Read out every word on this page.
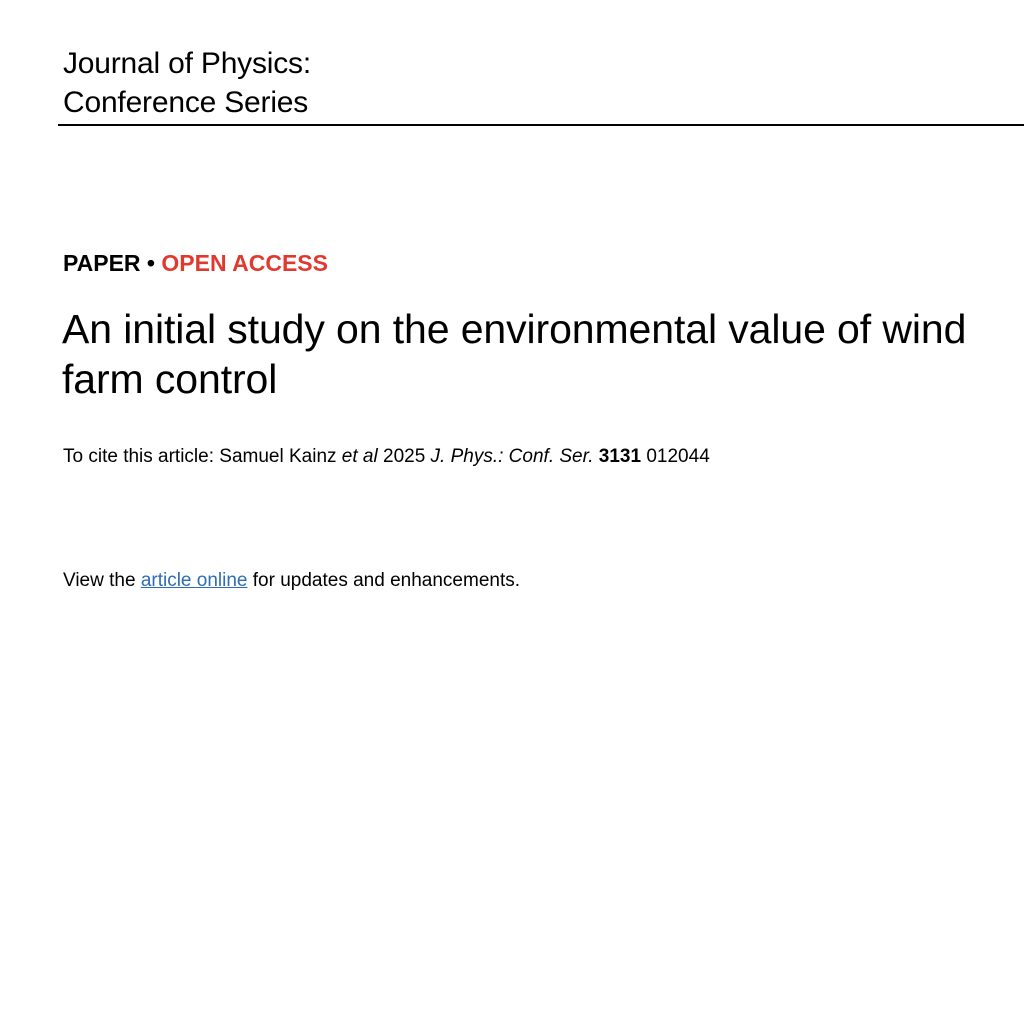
Journal of Physics:
Conference Series
PAPER • OPEN ACCESS
An initial study on the environmental value of wind farm control
To cite this article: Samuel Kainz et al 2025 J. Phys.: Conf. Ser. 3131 012044
View the article online for updates and enhancements.
